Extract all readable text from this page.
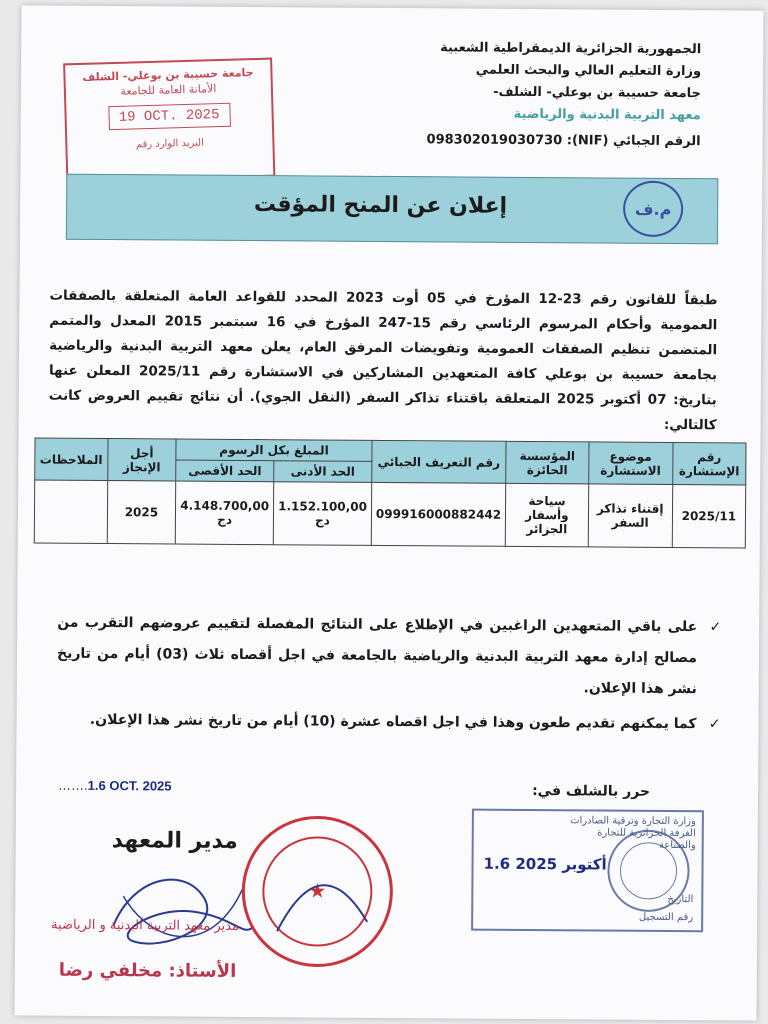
الجمهورية الجزائرية الديمقراطية الشعبية
وزارة التعليم العالي والبحث العلمي
جامعة حسيبة بن بوعلي- الشلف-
معهد التربية البدنية والرياضية
الرقم الجبائي (NIF): 098302019030730
جامعة حسيبة بن بوعلي- الشلف
الأمانة العامة للجامعة
19 OCT. 2025
البريد الوارد رقم
إعلان عن المنح المؤقت	م.ف
طبقاً للقانون رقم 23-12 المؤرخ في 05 أوت 2023 المحدد للقواعد العامة المتعلقة بالصفقات العمومية وأحكام المرسوم الرئاسي رقم 15-247 المؤرخ في 16 سبتمبر 2015 المعدل والمتمم المتضمن تنظيم الصفقات العمومية وتفويضات المرفق العام، يعلن معهد التربية البدنية والرياضية بجامعة حسيبة بن بوعلي كافة المتعهدين المشاركين في الاستشارة رقم 2025/11 المعلن عنها بتاريخ: 07 أكتوبر 2025 المتعلقة باقتناء تذاكر السفر (النقل الجوي). أن نتائج تقييم العروض كانت كالتالي:
رقم الإستشارة	موضوع الاستشارة	المؤسسة الحائزة	رقم التعريف الجبائي	المبلغ بكل الرسوم		أجل الإنجاز	الملاحظات
				الحد الأدنى	الحد الأقصى		
2025/11	إقتناء تذاكر السفر	سياحة وأسفار الجزائر	099916000882442	1.152.100,00 دج	4.148.700,00 دج	2025	
✓
على باقي المتعهدين الراغبين في الإطلاع على النتائج المفصلة لتقييم عروضهم التقرب من مصالح إدارة معهد التربية البدنية والرياضية بالجامعة في اجل أقصاه ثلاث (03) أيام من تاريخ نشر هذا الإعلان.
✓
كما يمكنهم تقديم طعون وهذا في اجل اقصاه عشرة (10) أيام من تاريخ نشر هذا الإعلان.
حرر بالشلف في:
…….1.6 OCT. 2025
مدير المعهد
★
مدير معهد التربية البدنية و الرياضية
الأستاذ: مخلفي رضا
وزارة التجارة وترقية الصادرات الغرفة الجزائرية للتجارة والصناعة
1.6 أكتوبر 2025
التاريخ
رقم التسجيل
